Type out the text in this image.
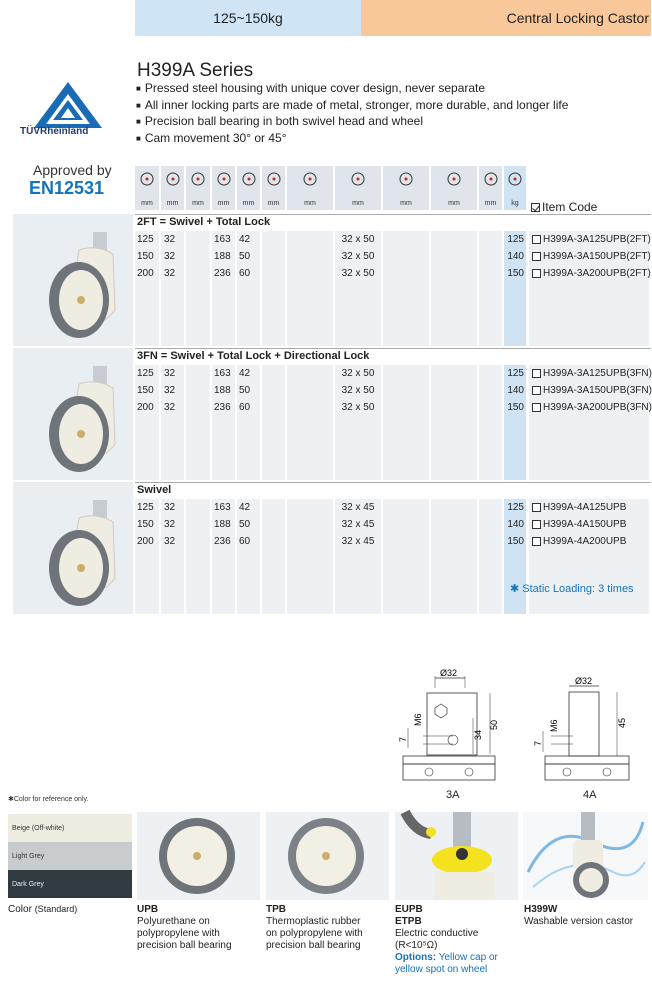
125~150kg	Central Locking Castor
TÜVRheinland
H399A Series
■ Pressed steel housing with unique cover design, never separate
■ All inner locking parts are made of metal, stronger, more durable, and longer life
■ Precision ball bearing in both swivel head and wheel
■ Cam movement 30° or 45°
Approved by
EN12531
mm	mm	mm	mm	mm	mm	mm	mm	mm	mm	mm	kg	Item Code
2FT = Swivel + Total Lock
125 32	163 42	32 x 50	125 H399A-3A125UPB(2FT)
150 32	188 50	32 x 50	140 H399A-3A150UPB(2FT)
200 32	236 60	32 x 50	150 H399A-3A200UPB(2FT)
3FN = Swivel + Total Lock + Directional Lock
125 32	163 42	32 x 50	125 H399A-3A125UPB(3FN)
150 32	188 50	32 x 50	140 H399A-3A150UPB(3FN)
200 32	236 60	32 x 50	150 H399A-3A200UPB(3FN)
Swivel
125 32	163 42	32 x 45	125 H399A-4A125UPB
150 32	188 50	32 x 45	140 H399A-4A150UPB
200 32	236 60	32 x 45	150 H399A-4A200UPB
✱ Static Loading: 3 times
Ø32
M6
7	34
50
3A
Ø32
M6
7
45
4A
✱Color for reference only.
Beige (Off-white)
Light Grey
Dark Grey
Color (Standard)	UPB
Polyurethane on
polypropylene with
precision ball bearing
TPB
Thermoplastic rubber
on polypropylene with
precision ball bearing
EUPB
ETPB
Electric conductive
(R<10⁵Ω)
Options: Yellow cap or
yellow spot on wheel
H399W
Washable version castor
